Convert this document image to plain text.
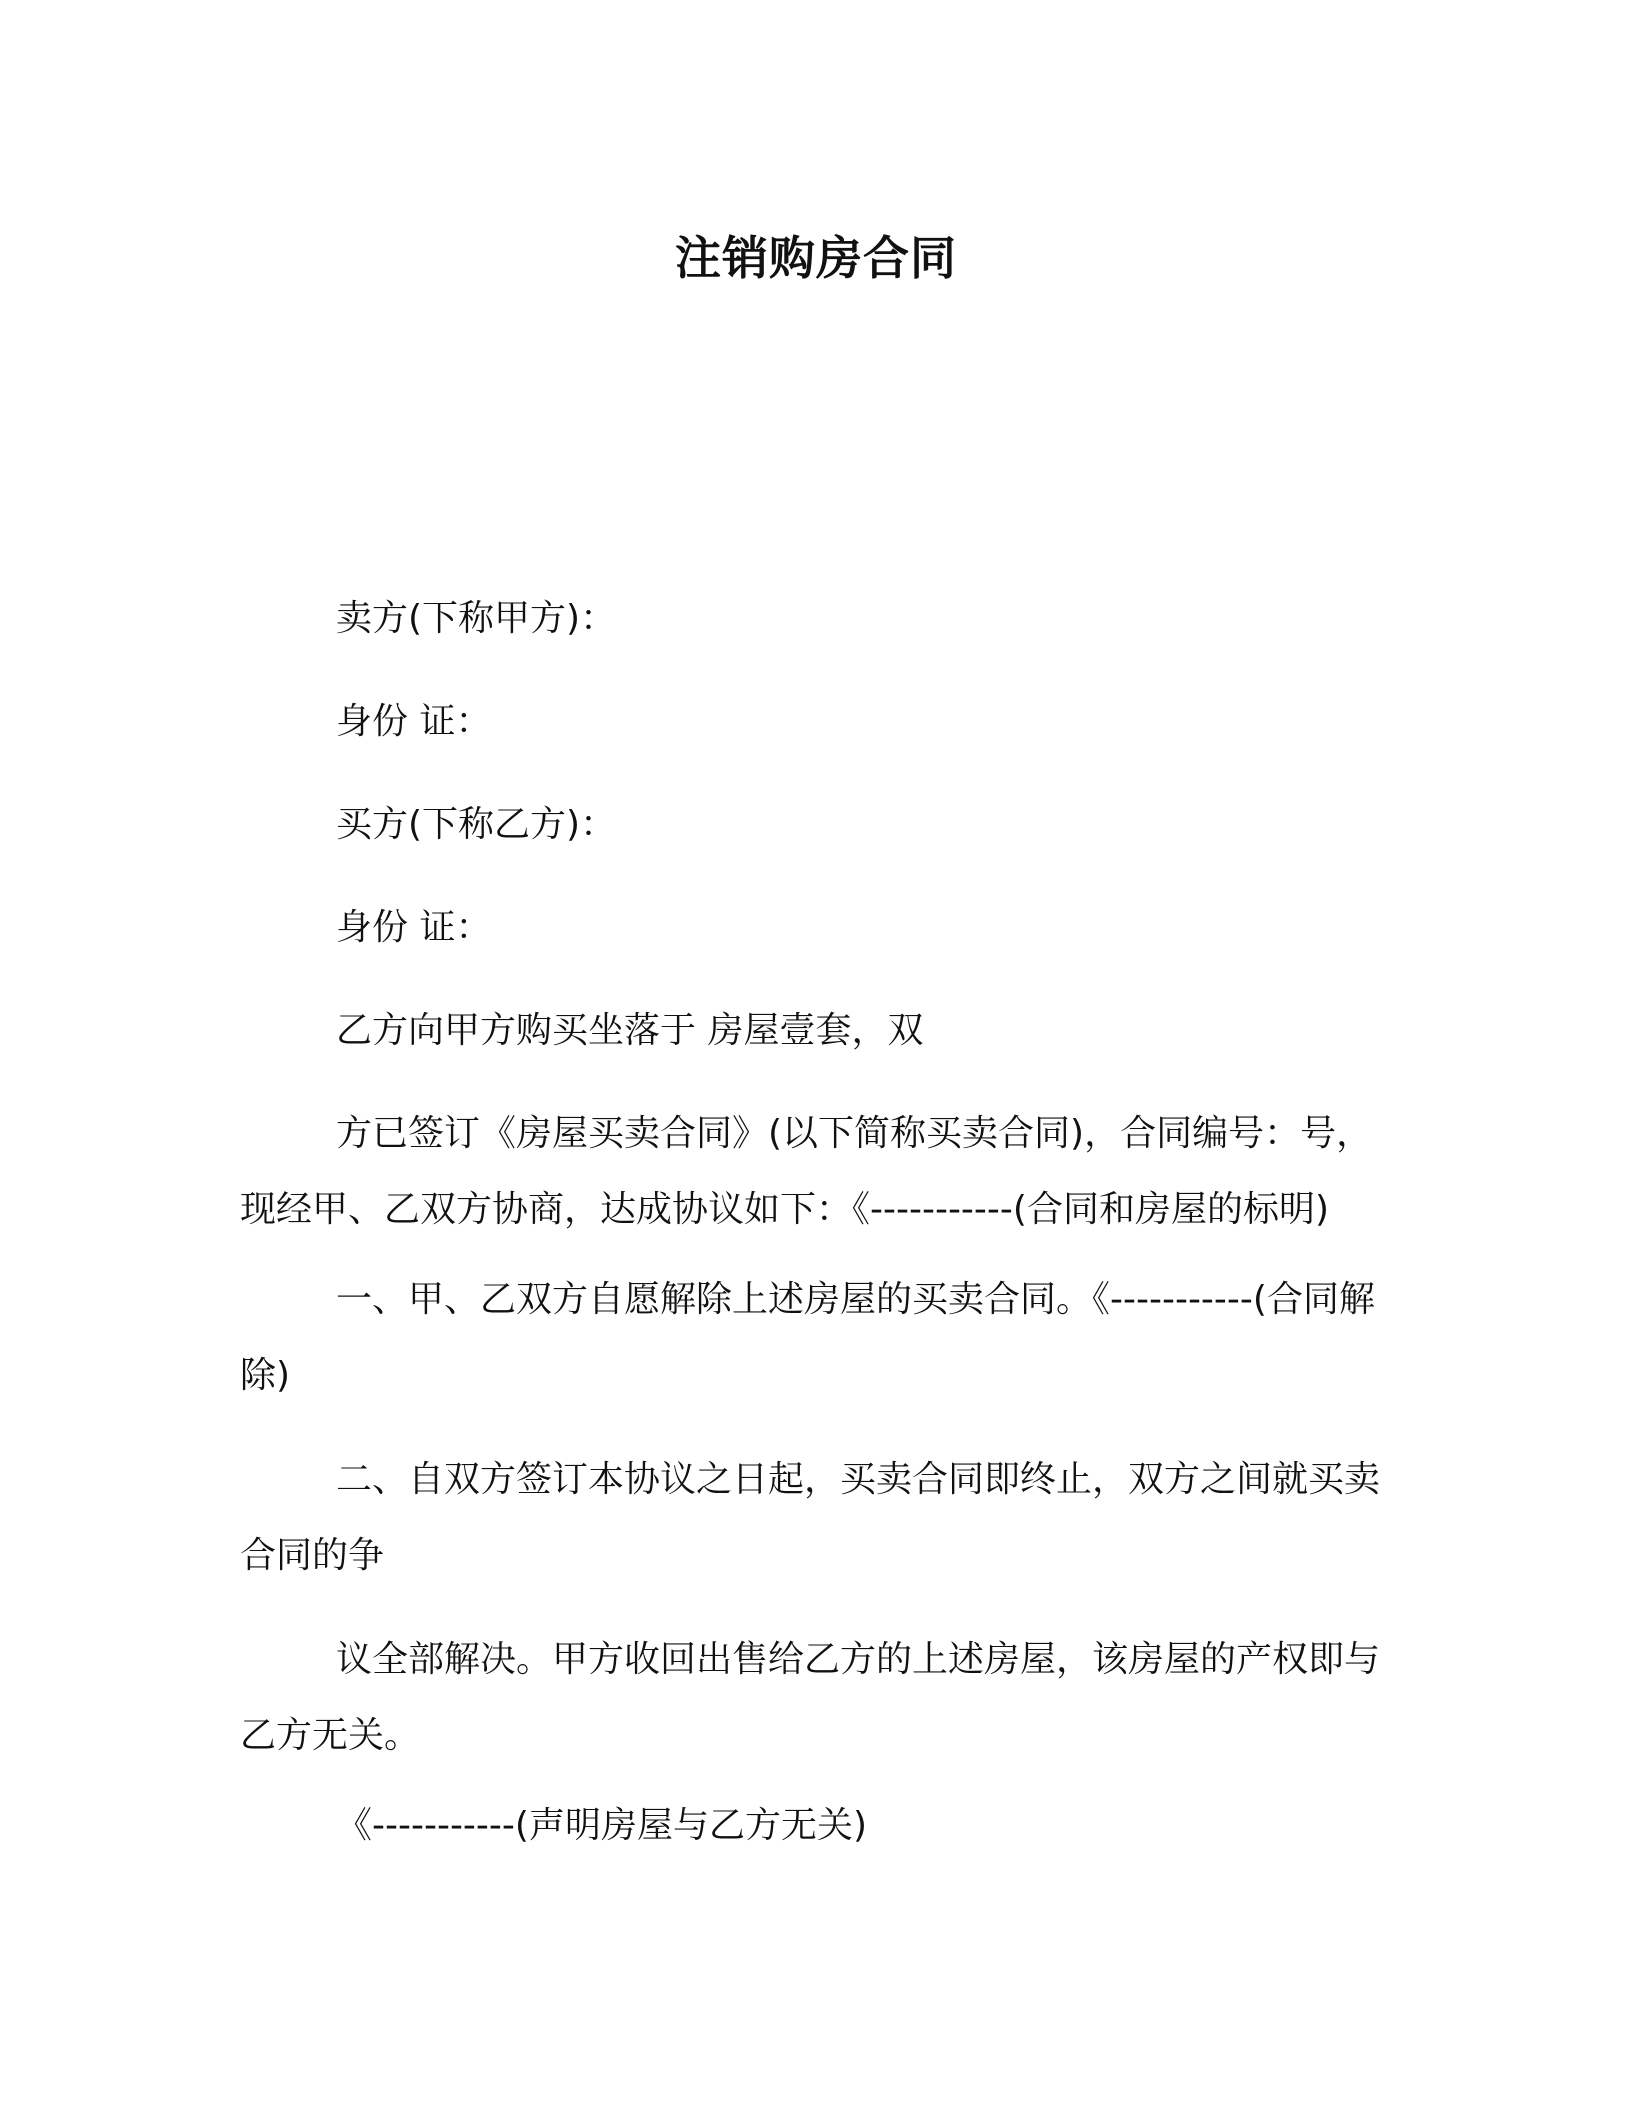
注销购房合同
卖方(下称甲方)：
身份 证：
买方(下称乙方)：
身份 证：
乙方向甲方购买坐落于 房屋壹套，双
方已签订《房屋买卖合同》(以下简称买卖合同)，合同编号：号，现经甲、乙双方协商，达成协议如下：《-----------(合同和房屋的标明)
一、甲、乙双方自愿解除上述房屋的买卖合同。《-----------(合同解除)
二、自双方签订本协议之日起，买卖合同即终止，双方之间就买卖合同的争
议全部解决。甲方收回出售给乙方的上述房屋，该房屋的产权即与乙方无关。
《-----------(声明房屋与乙方无关)
